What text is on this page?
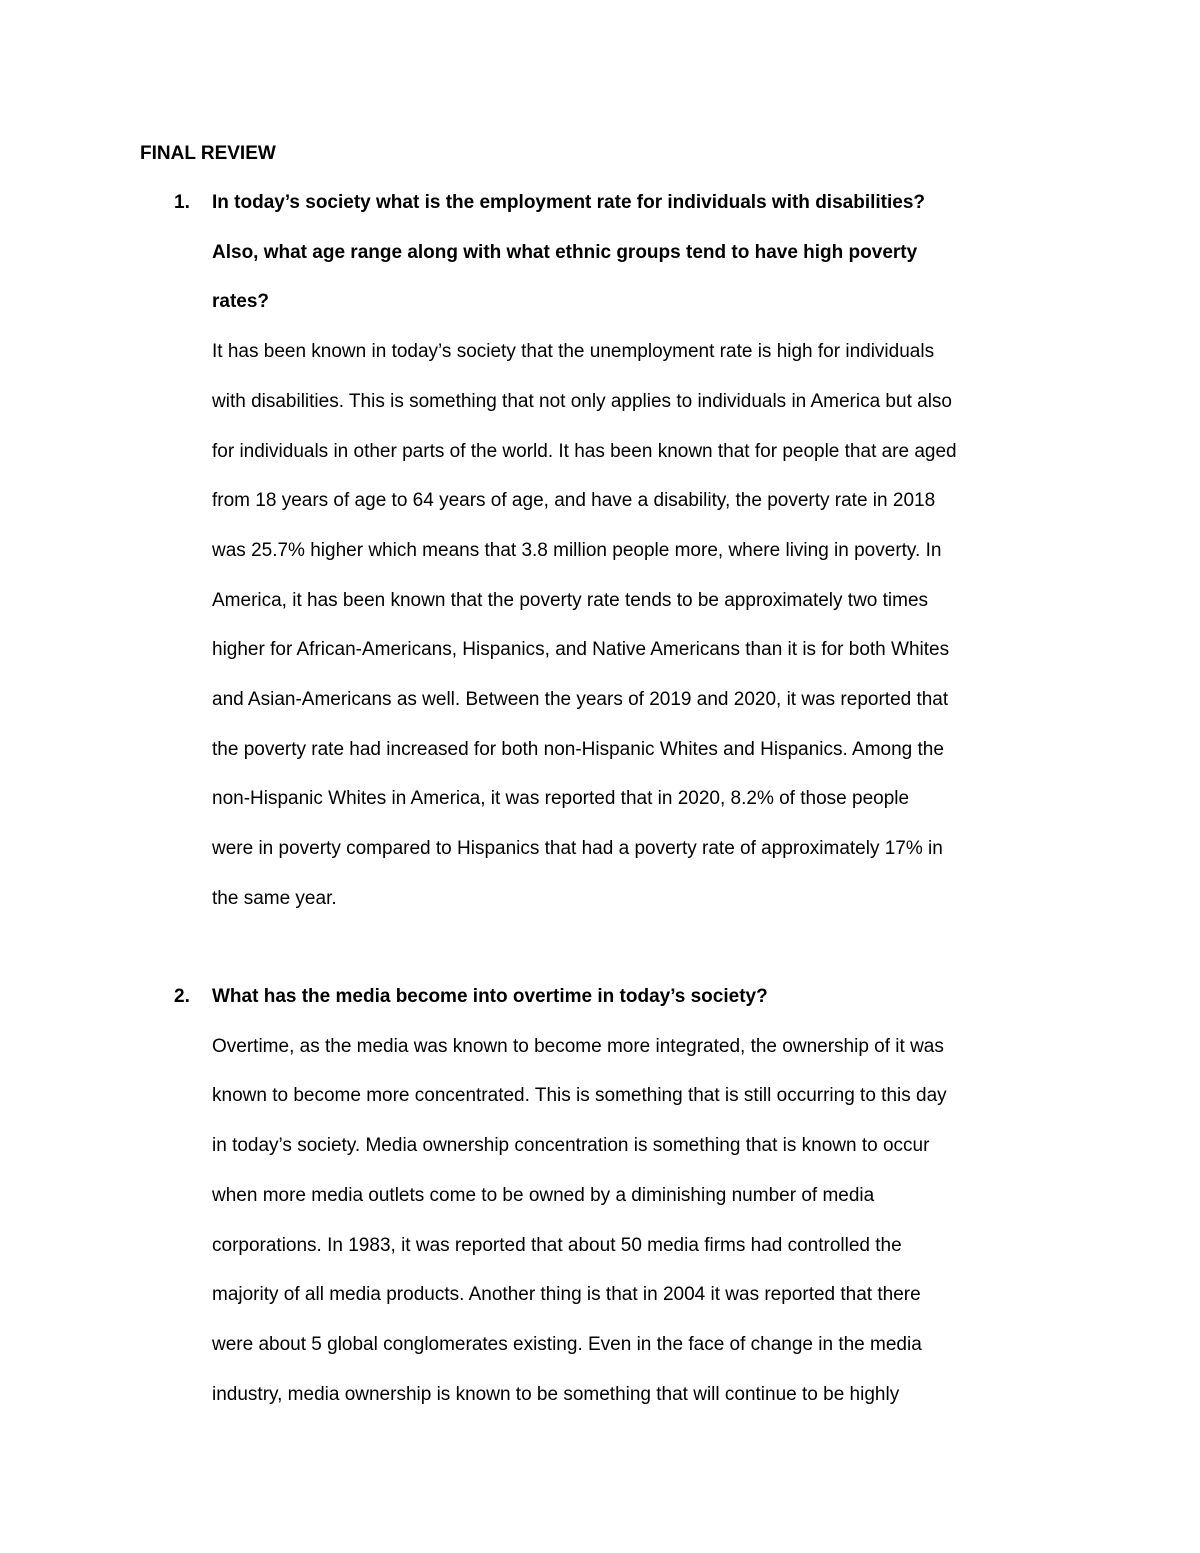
FINAL REVIEW
1. In today’s society what is the employment rate for individuals with disabilities?
Also, what age range along with what ethnic groups tend to have high poverty
rates?

It has been known in today’s society that the unemployment rate is high for individuals
with disabilities. This is something that not only applies to individuals in America but also
for individuals in other parts of the world. It has been known that for people that are aged
from 18 years of age to 64 years of age, and have a disability, the poverty rate in 2018
was 25.7% higher which means that 3.8 million people more, where living in poverty. In
America, it has been known that the poverty rate tends to be approximately two times
higher for African-Americans, Hispanics, and Native Americans than it is for both Whites
and Asian-Americans as well. Between the years of 2019 and 2020, it was reported that
the poverty rate had increased for both non-Hispanic Whites and Hispanics. Among the
non-Hispanic Whites in America, it was reported that in 2020, 8.2% of those people
were in poverty compared to Hispanics that had a poverty rate of approximately 17% in
the same year.

2. What has the media become into overtime in today’s society?

Overtime, as the media was known to become more integrated, the ownership of it was
known to become more concentrated. This is something that is still occurring to this day
in today’s society. Media ownership concentration is something that is known to occur
when more media outlets come to be owned by a diminishing number of media
corporations. In 1983, it was reported that about 50 media firms had controlled the
majority of all media products. Another thing is that in 2004 it was reported that there
were about 5 global conglomerates existing. Even in the face of change in the media
industry, media ownership is known to be something that will continue to be highly
